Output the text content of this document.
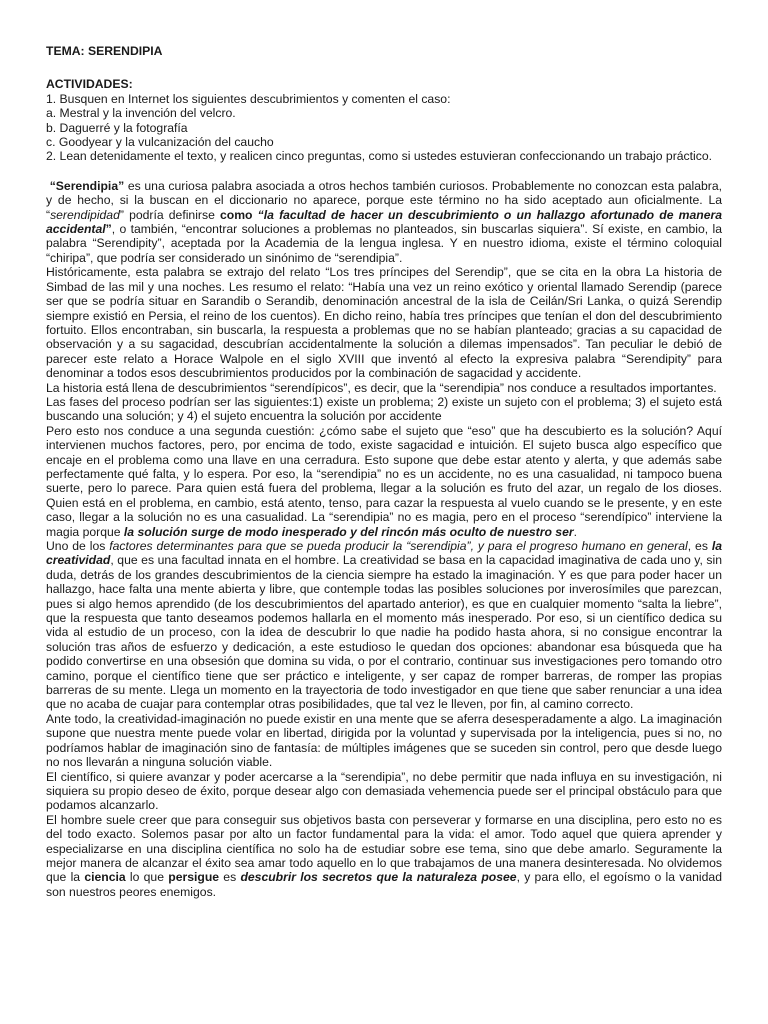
TEMA: SERENDIPIA

ACTIVIDADES:

1. Busquen en Internet los siguientes descubrimientos y comenten el caso:

a. Mestral y la invención del velcro.

b. Daguerré y la fotografía

c. Goodyear y la vulcanización del caucho

2. Lean detenidamente el texto, y realicen cinco preguntas, como si ustedes estuvieran confeccionando un trabajo práctico.

“Serendipia” es una curiosa palabra asociada a otros hechos también curiosos. Probablemente no conozcan esta palabra, y de hecho, si la buscan en el diccionario no aparece, porque este término no ha sido aceptado aun oficialmente. La “serendipidad” podría definirse como “la facultad de hacer un descubrimiento o un hallazgo afortunado de manera accidental”, o también, “encontrar soluciones a problemas no planteados, sin buscarlas siquiera”. Sí existe, en cambio, la palabra “Serendipity”, aceptada por la Academia de la lengua inglesa. Y en nuestro idioma, existe el término coloquial “chiripa”, que podría ser considerado un sinónimo de “serendipia”.

Históricamente, esta palabra se extrajo del relato “Los tres príncipes del Serendip”, que se cita en la obra La historia de Simbad de las mil y una noches. Les resumo el relato: “Había una vez un reino exótico y oriental llamado Serendip (parece ser que se podría situar en Sarandib o Serandib, denominación ancestral de la isla de Ceilán/Sri Lanka, o quizá Serendip siempre existió en Persia, el reino de los cuentos). En dicho reino, había tres príncipes que tenían el don del descubrimiento fortuito. Ellos encontraban, sin buscarla, la respuesta a problemas que no se habían planteado; gracias a su capacidad de observación y a su sagacidad, descubrían accidentalmente la solución a dilemas impensados”. Tan peculiar le debió de parecer este relato a Horace Walpole en el siglo XVIII que inventó al efecto la expresiva palabra “Serendipity” para denominar a todos esos descubrimientos producidos por la combinación de sagacidad y accidente.

La historia está llena de descubrimientos “serendípicos”, es decir, que la “serendipia” nos conduce a resultados importantes.

Las fases del proceso podrían ser las siguientes:1) existe un problema; 2) existe un sujeto con el problema; 3) el sujeto está buscando una solución; y 4) el sujeto encuentra la solución por accidente

Pero esto nos conduce a una segunda cuestión: ¿cómo sabe el sujeto que “eso” que ha descubierto es la solución? Aquí intervienen muchos factores, pero, por encima de todo, existe sagacidad e intuición. El sujeto busca algo específico que encaje en el problema como una llave en una cerradura. Esto supone que debe estar atento y alerta, y que además sabe perfectamente qué falta, y lo espera. Por eso, la “serendipia” no es un accidente, no es una casualidad, ni tampoco buena suerte, pero lo parece. Para quien está fuera del problema, llegar a la solución es fruto del azar, un regalo de los dioses. Quien está en el problema, en cambio, está atento, tenso, para cazar la respuesta al vuelo cuando se le presente, y en este caso, llegar a la solución no es una casualidad. La “serendipia” no es magia, pero en el proceso “serendípico” interviene la magia porque la solución surge de modo inesperado y del rincón más oculto de nuestro ser.

Uno de los factores determinantes para que se pueda producir la “serendipia”, y para el progreso humano en general, es la creatividad, que es una facultad innata en el hombre. La creatividad se basa en la capacidad imaginativa de cada uno y, sin duda, detrás de los grandes descubrimientos de la ciencia siempre ha estado la imaginación. Y es que para poder hacer un hallazgo, hace falta una mente abierta y libre, que contemple todas las posibles soluciones por inverosímiles que parezcan, pues si algo hemos aprendido (de los descubrimientos del apartado anterior), es que en cualquier momento “salta la liebre”, que la respuesta que tanto deseamos podemos hallarla en el momento más inesperado. Por eso, si un científico dedica su vida al estudio de un proceso, con la idea de descubrir lo que nadie ha podido hasta ahora, si no consigue encontrar la solución tras años de esfuerzo y dedicación, a este estudioso le quedan dos opciones: abandonar esa búsqueda que ha podido convertirse en una obsesión que domina su vida, o por el contrario, continuar sus investigaciones pero tomando otro camino, porque el científico tiene que ser práctico e inteligente, y ser capaz de romper barreras, de romper las propias barreras de su mente. Llega un momento en la trayectoria de todo investigador en que tiene que saber renunciar a una idea que no acaba de cuajar para contemplar otras posibilidades, que tal vez le lleven, por fin, al camino correcto.

Ante todo, la creatividad-imaginación no puede existir en una mente que se aferra desesperadamente a algo. La imaginación supone que nuestra mente puede volar en libertad, dirigida por la voluntad y supervisada por la inteligencia, pues si no, no podríamos hablar de imaginación sino de fantasía: de múltiples imágenes que se suceden sin control, pero que desde luego no nos llevarán a ninguna solución viable.

El científico, si quiere avanzar y poder acercarse a la “serendipia”, no debe permitir que nada influya en su investigación, ni siquiera su propio deseo de éxito, porque desear algo con demasiada vehemencia puede ser el principal obstáculo para que podamos alcanzarlo.

El hombre suele creer que para conseguir sus objetivos basta con perseverar y formarse en una disciplina, pero esto no es del todo exacto. Solemos pasar por alto un factor fundamental para la vida: el amor. Todo aquel que quiera aprender y especializarse en una disciplina científica no solo ha de estudiar sobre ese tema, sino que debe amarlo. Seguramente la mejor manera de alcanzar el éxito sea amar todo aquello en lo que trabajamos de una manera desinteresada. No olvidemos que la ciencia lo que persigue es descubrir los secretos que la naturaleza posee, y para ello, el egoísmo o la vanidad son nuestros peores enemigos.
